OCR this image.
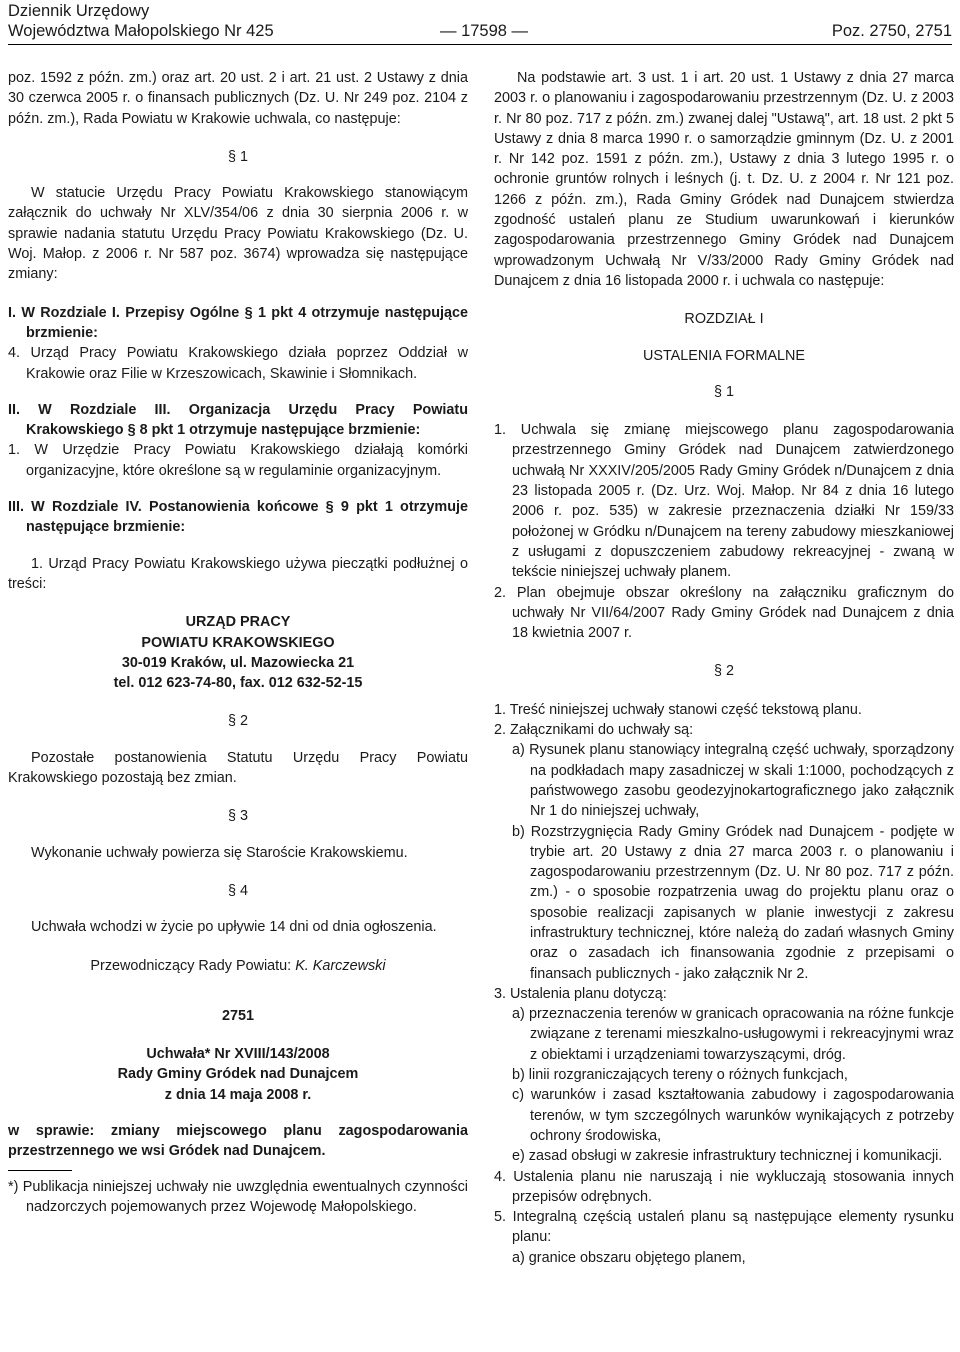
Dziennik Urzędowy
Województwa Małopolskiego Nr 425	— 17598 —	Poz. 2750, 2751

poz. 1592 z późn. zm.) oraz art. 20 ust. 2 i art. 21 ust. 2 Ustawy z dnia 30 czerwca 2005 r. o finansach publicznych (Dz. U. Nr 249 poz. 2104 z późn. zm.), Rada Powiatu w Krakowie uchwala, co następuje:

§ 1

W statucie Urzędu Pracy Powiatu Krakowskiego stanowiącym załącznik do uchwały Nr XLV/354/06 z dnia 30 sierpnia 2006 r. w sprawie nadania statutu Urzędu Pracy Powiatu Krakowskiego (Dz. U. Woj. Małop. z 2006 r. Nr 587 poz. 3674) wprowadza się następujące zmiany:

I. W Rozdziale I. Przepisy Ogólne § 1 pkt 4 otrzymuje następujące brzmienie:

4. Urząd Pracy Powiatu Krakowskiego działa poprzez Oddział w Krakowie oraz Filie w Krzeszowicach, Skawinie i Słomnikach.

II. W Rozdziale III. Organizacja Urzędu Pracy Powiatu Krakowskiego § 8 pkt 1 otrzymuje następujące brzmienie:

1. W Urzędzie Pracy Powiatu Krakowskiego działają komórki organizacyjne, które określone są w regulaminie organizacyjnym.

III. W Rozdziale IV. Postanowienia końcowe § 9 pkt 1 otrzymuje następujące brzmienie:

1. Urząd Pracy Powiatu Krakowskiego używa pieczątki podłużnej o treści:

URZĄD PRACY
POWIATU KRAKOWSKIEGO
30-019 Kraków, ul. Mazowiecka 21
tel. 012 623-74-80, fax. 012 632-52-15

§ 2

Pozostałe postanowienia Statutu Urzędu Pracy Powiatu Krakowskiego pozostają bez zmian.

§ 3

Wykonanie uchwały powierza się Staroście Krakowskiemu.

§ 4

Uchwała wchodzi w życie po upływie 14 dni od dnia ogłoszenia.

Przewodniczący Rady Powiatu: K. Karczewski

2751

Uchwała* Nr XVIII/143/2008
Rady Gminy Gródek nad Dunajcem
z dnia 14 maja 2008 r.

w sprawie: zmiany miejscowego planu zagospodarowania przestrzennego we wsi Gródek nad Dunajcem.

*) Publikacja niniejszej uchwały nie uwzględnia ewentualnych czynności nadzorczych pojemowanych przez Wojewodę Małopolskiego.

Na podstawie art. 3 ust. 1 i art. 20 ust. 1 Ustawy z dnia 27 marca 2003 r. o planowaniu i zagospodarowaniu przestrzennym (Dz. U. z 2003 r. Nr 80 poz. 717 z późn. zm.) zwanej dalej "Ustawą", art. 18 ust. 2 pkt 5 Ustawy z dnia 8 marca 1990 r. o samorządzie gminnym (Dz. U. z 2001 r. Nr 142 poz. 1591 z późn. zm.), Ustawy z dnia 3 lutego 1995 r. o ochronie gruntów rolnych i leśnych (j. t. Dz. U. z 2004 r. Nr 121 poz. 1266 z późn. zm.), Rada Gminy Gródek nad Dunajcem stwierdza zgodność ustaleń planu ze Studium uwarunkowań i kierunków zagospodarowania przestrzennego Gminy Gródek nad Dunajcem wprowadzonym Uchwałą Nr V/33/2000 Rady Gminy Gródek nad Dunajcem z dnia 16 listopada 2000 r. i uchwala co następuje:

ROZDZIAŁ I

USTALENIA FORMALNE

§ 1

1. Uchwala się zmianę miejscowego planu zagospodarowania przestrzennego Gminy Gródek nad Dunajcem zatwierdzonego uchwałą Nr XXXIV/205/2005 Rady Gminy Gródek n/Dunajcem z dnia 23 listopada 2005 r. (Dz. Urz. Woj. Małop. Nr 84 z dnia 16 lutego 2006 r. poz. 535) w zakresie przeznaczenia działki Nr 159/33 położonej w Gródku n/Dunajcem na tereny zabudowy mieszkaniowej z usługami z dopuszczeniem zabudowy rekreacyjnej - zwaną w tekście niniejszej uchwały planem.

2. Plan obejmuje obszar określony na załączniku graficznym do uchwały Nr VII/64/2007 Rady Gminy Gródek nad Dunajcem z dnia 18 kwietnia 2007 r.

§ 2

1. Treść niniejszej uchwały stanowi część tekstową planu.

2. Załącznikami do uchwały są:

a) Rysunek planu stanowiący integralną część uchwały, sporządzony na podkładach mapy zasadniczej w skali 1:1000, pochodzących z państwowego zasobu geodezyjnokartograficznego jako załącznik Nr 1 do niniejszej uchwały,

b) Rozstrzygnięcia Rady Gminy Gródek nad Dunajcem - podjęte w trybie art. 20 Ustawy z dnia 27 marca 2003 r. o planowaniu i zagospodarowaniu przestrzennym (Dz. U. Nr 80 poz. 717 z późn. zm.) - o sposobie rozpatrzenia uwag do projektu planu oraz o sposobie realizacji zapisanych w planie inwestycji z zakresu infrastruktury technicznej, które należą do zadań własnych Gminy oraz o zasadach ich finansowania zgodnie z przepisami o finansach publicznych - jako załącznik Nr 2.

3. Ustalenia planu dotyczą:

a) przeznaczenia terenów w granicach opracowania na różne funkcje związane z terenami mieszkalno-usługowymi i rekreacyjnymi wraz z obiektami i urządzeniami towarzyszącymi, dróg.

b) linii rozgraniczających tereny o różnych funkcjach,

c) warunków i zasad kształtowania zabudowy i zagospodarowania terenów, w tym szczególnych warunków wynikających z potrzeby ochrony środowiska,

e) zasad obsługi w zakresie infrastruktury technicznej i komunikacji.

4. Ustalenia planu nie naruszają i nie wykluczają stosowania innych przepisów odrębnych.

5. Integralną częścią ustaleń planu są następujące elementy rysunku planu:

a) granice obszaru objętego planem,
